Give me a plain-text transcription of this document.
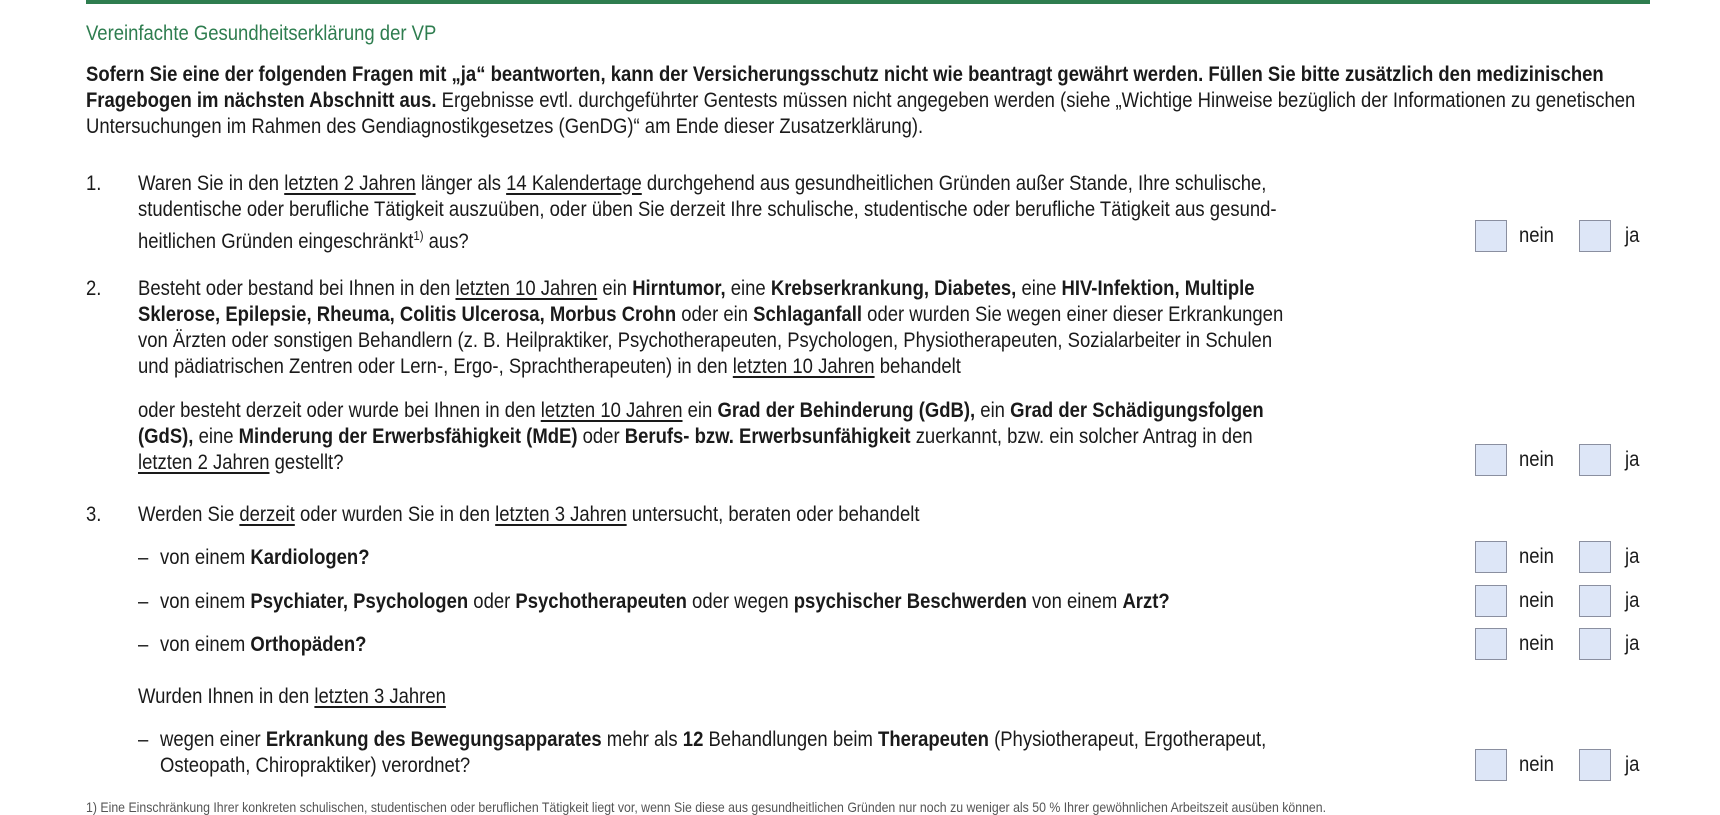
Vereinfachte Gesundheitserklärung der VP
Sofern Sie eine der folgenden Fragen mit „ja“ beantworten, kann der Versicherungsschutz nicht wie beantragt gewährt werden. Füllen Sie bitte zusätzlich den medizinischen Fragebogen im nächsten Abschnitt aus. Ergebnisse evtl. durchgeführter Gentests müssen nicht angegeben werden (siehe „Wichtige Hinweise bezüglich der Informationen zu genetischen Untersuchungen im Rahmen des Gendiagnostikgesetzes (GenDG)“ am Ende dieser Zusatzerklärung).
1. Waren Sie in den letzten 2 Jahren länger als 14 Kalendertage durchgehend aus gesundheitlichen Gründen außer Stande, Ihre schulische, studentische oder berufliche Tätigkeit auszuüben, oder üben Sie derzeit Ihre schulische, studentische oder berufliche Tätigkeit aus gesund-heitlichen Gründen eingeschränkt$^{1)}$ aus?	nein	ja
2. Besteht oder bestand bei Ihnen in den letzten 10 Jahren ein Hirntumor, eine Krebserkrankung, Diabetes, eine HIV-Infektion, Multiple Sklerose, Epilepsie, Rheuma, Colitis Ulcerosa, Morbus Crohn oder ein Schlaganfall oder wurden Sie wegen einer dieser Erkrankungen von Ärzten oder sonstigen Behandlern (z. B. Heilpraktiker, Psychotherapeuten, Psychologen, Physiotherapeuten, Sozialarbeiter in Schulen und pädiatrischen Zentren oder Lern-, Ergo-, Sprachtherapeuten) in den letzten 10 Jahren behandelt
oder besteht derzeit oder wurde bei Ihnen in den letzten 10 Jahren ein Grad der Behinderung (GdB), ein Grad der Schädigungsfolgen (GdS), eine Minderung der Erwerbsfähigkeit (MdE) oder Berufs- bzw. Erwerbsunfähigkeit zuerkannt, bzw. ein solcher Antrag in den letzten 2 Jahren gestellt?	nein	ja
3. Werden Sie derzeit oder wurden Sie in den letzten 3 Jahren untersucht, beraten oder behandelt
– von einem Kardiologen?	nein	ja
– von einem Psychiater, Psychologen oder Psychotherapeuten oder wegen psychischer Beschwerden von einem Arzt?	nein	ja
– von einem Orthopäden?	nein	ja
Wurden Ihnen in den letzten 3 Jahren
– wegen einer Erkrankung des Bewegungsapparates mehr als 12 Behandlungen beim Therapeuten (Physiotherapeut, Ergotherapeut, Osteopath, Chiropraktiker) verordnet?	nein	ja
1) Eine Einschränkung Ihrer konkreten schulischen, studentischen oder beruflichen Tätigkeit liegt vor, wenn Sie diese aus gesundheitlichen Gründen nur noch zu weniger als 50 % Ihrer gewöhnlichen Arbeitszeit ausüben können.
